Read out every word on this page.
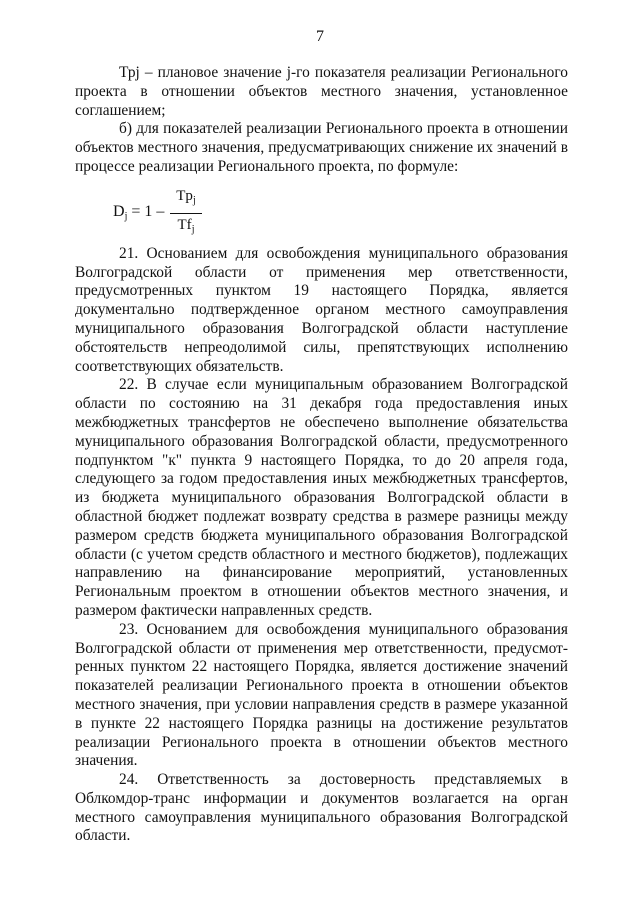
7

Трj – плановое значение j-го показателя реализации Регионального проекта в отношении объектов местного значения, установленное соглашением;

б) для показателей реализации Регионального проекта в отношении объектов местного значения, предусматривающих снижение их значений в процессе реализации Регионального проекта, по формуле:

$D_j = 1$ –
$Tp_j$
$Tf_j$

21. Основанием для освобождения муниципального образования Волгоградской области от применения мер ответственности, предусмотренных пунктом 19 настоящего Порядка, является документально подтвержденное органом местного самоуправления муниципального образования Волгоградской области наступление обстоятельств непреодолимой силы, препятствующих исполнению соответствующих обязательств.

22. В случае если муниципальным образованием Волгоградской области по состоянию на 31 декабря года предоставления иных межбюджетных трансфертов не обеспечено выполнение обязательства муниципального образования Волгоградской области, предусмотренного подпунктом "к" пункта 9 настоящего Порядка, то до 20 апреля года, следующего за годом предоставления иных межбюджетных трансфертов, из бюджета муниципального образования Волгоградской области в областной бюджет подлежат возврату средства в размере разницы между размером средств бюджета муниципального образования Волгоградской области (с учетом средств областного и местного бюджетов), подлежащих направлению на финансирование мероприятий, установленных Региональным проектом в отношении объектов местного значения, и размером фактически направленных средств.

23. Основанием для освобождения муниципального образования Волгоградской области от применения мер ответственности, предусмот-ренных пунктом 22 настоящего Порядка, является достижение значений показателей реализации Регионального проекта в отношении объектов местного значения, при условии направления средств в размере указанной в пункте 22 настоящего Порядка разницы на достижение результатов реализации Регионального проекта в отношении объектов местного значения.

24. Ответственность за достоверность представляемых в Облкомдор-транс информации и документов возлагается на орган местного самоуправления муниципального образования Волгоградской области.
